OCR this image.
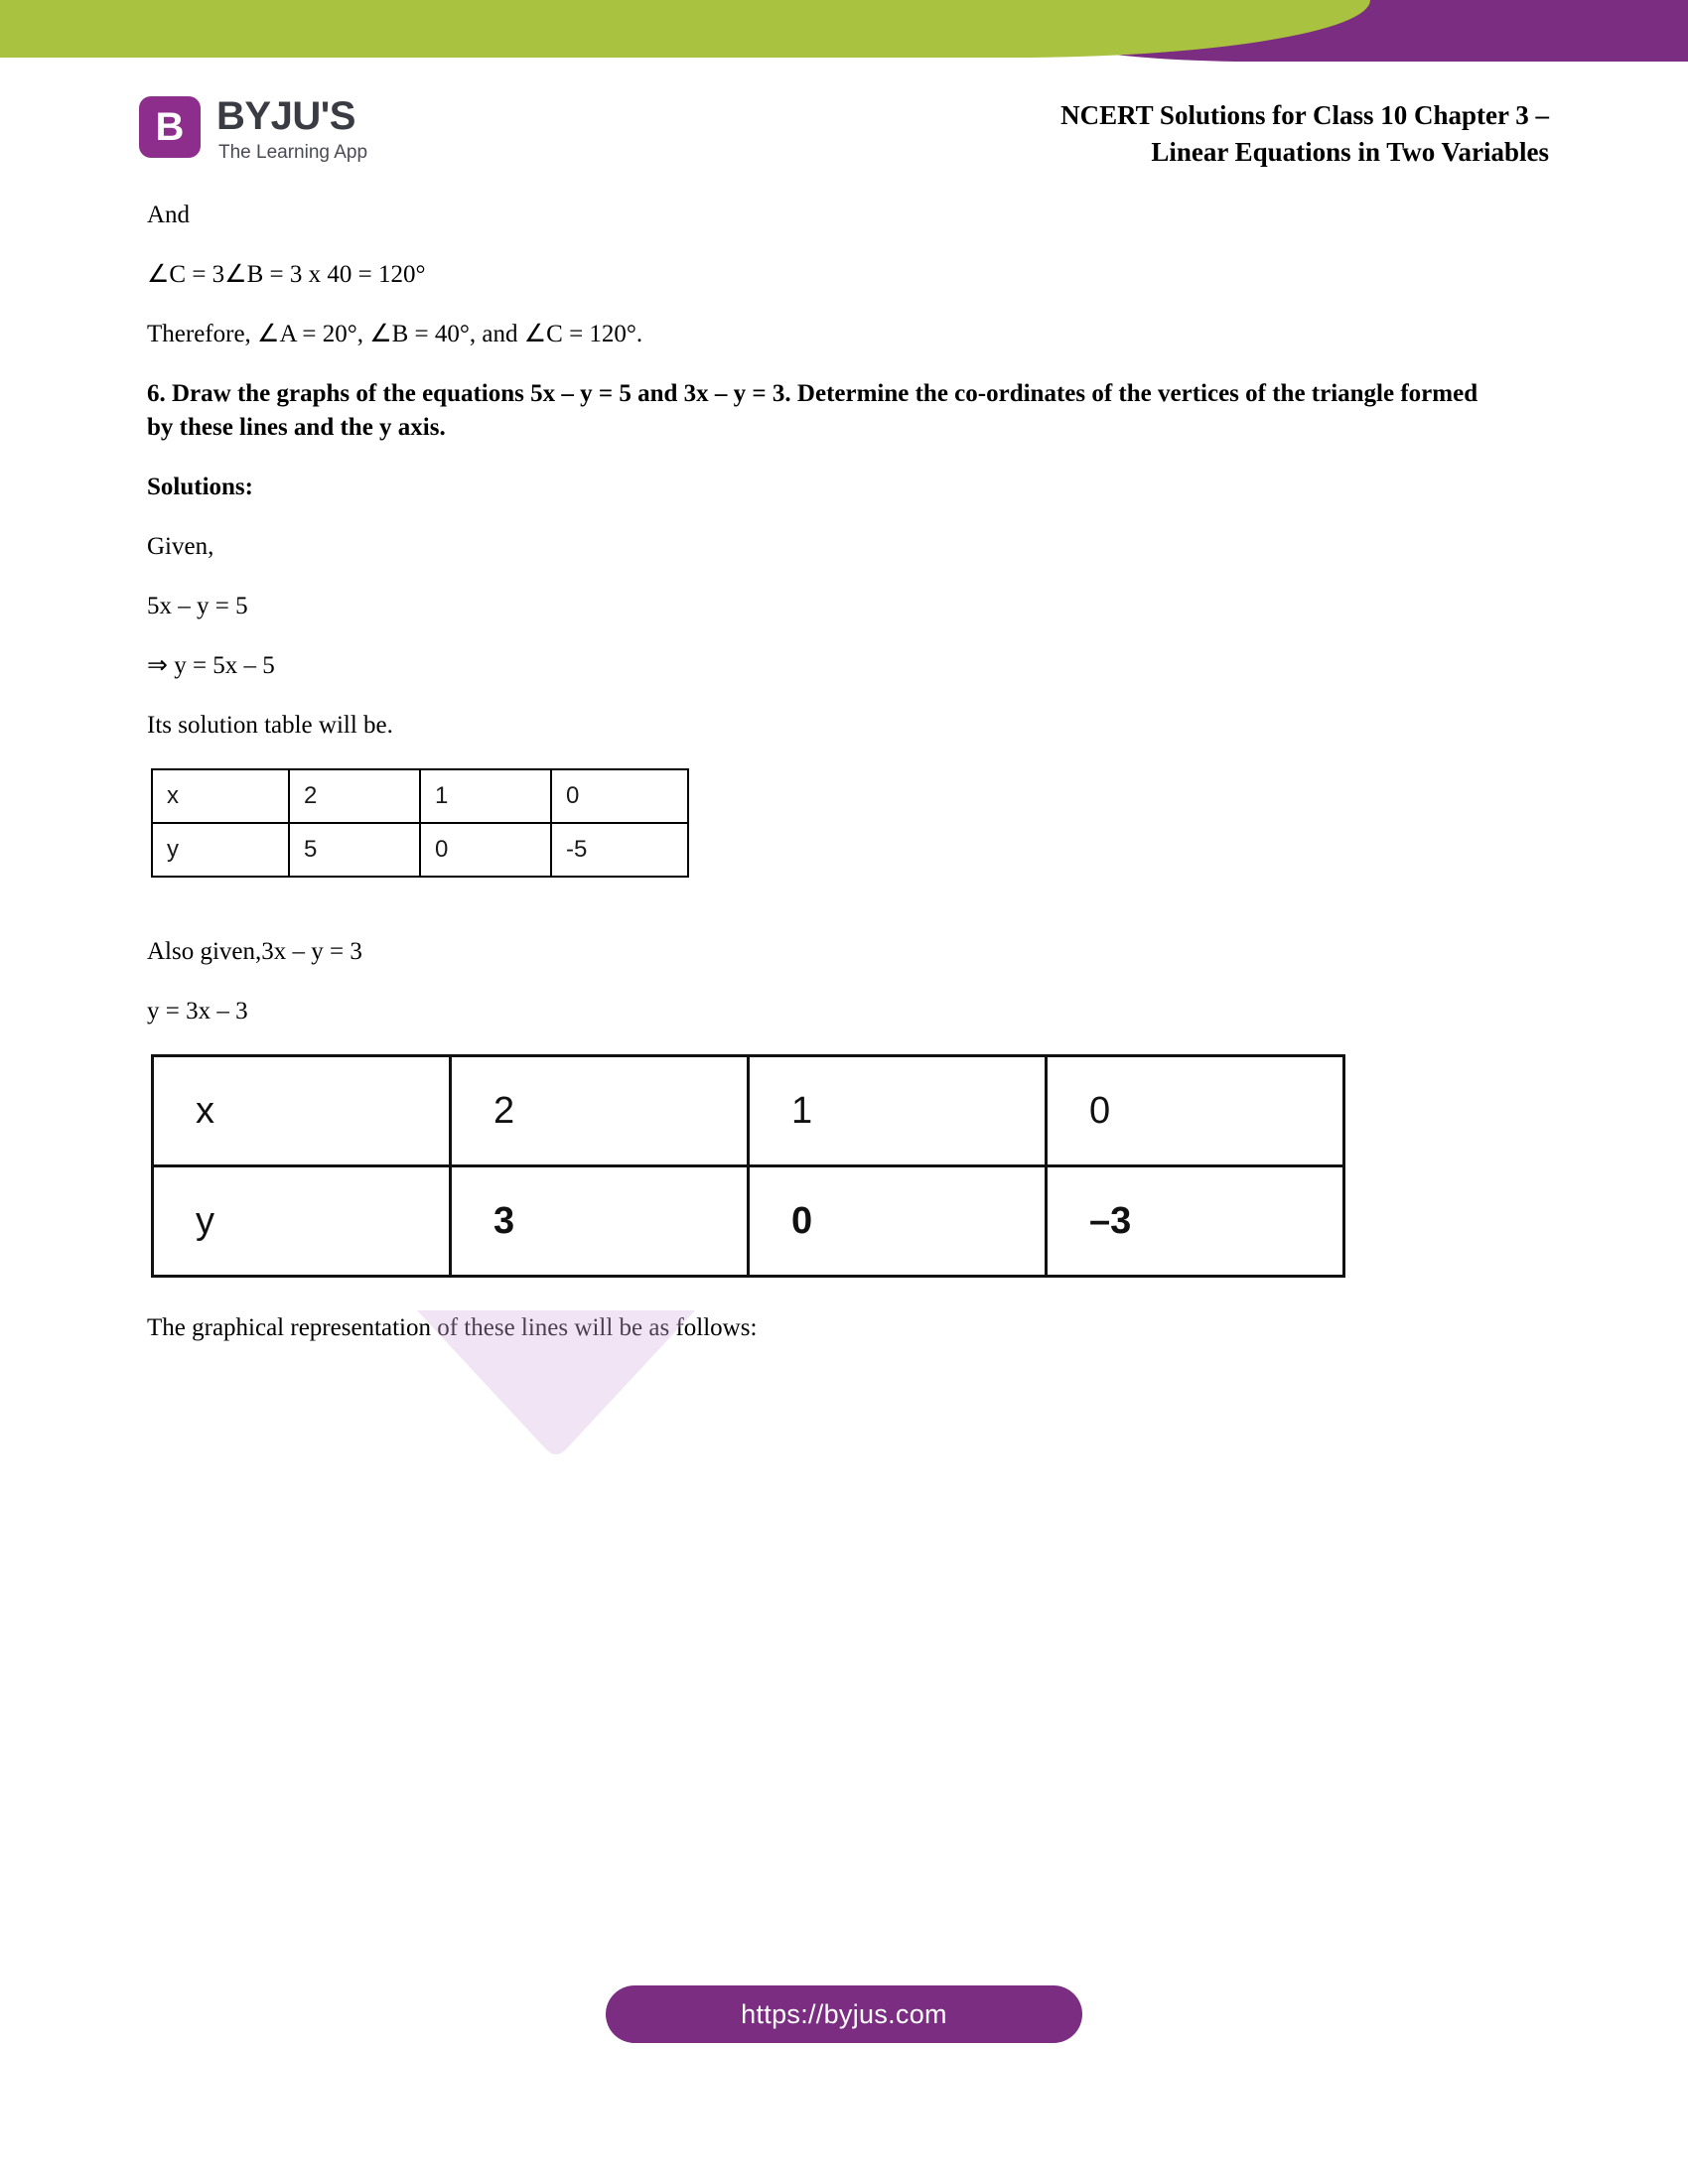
B BYJU'S
The Learning App
NCERT Solutions for Class 10 Chapter 3 –
Linear Equations in Two Variables

And

∠C = 3∠B = 3 x 40 = 120°

Therefore, ∠A = 20°, ∠B = 40°, and ∠C = 120°.

6. Draw the graphs of the equations 5x – y = 5 and 3x – y = 3. Determine the co-ordinates of the vertices of the triangle formed by these lines and the y axis.

Solutions:

Given,

5x – y = 5

⇒ y = 5x – 5

Its solution table will be.

x	2	1	0
y	5	0	-5

Also given,3x – y = 3

y = 3x – 3

x	2	1	0
y	3	0	–3

The graphical representation of these lines will be as follows:

https://byjus.com
